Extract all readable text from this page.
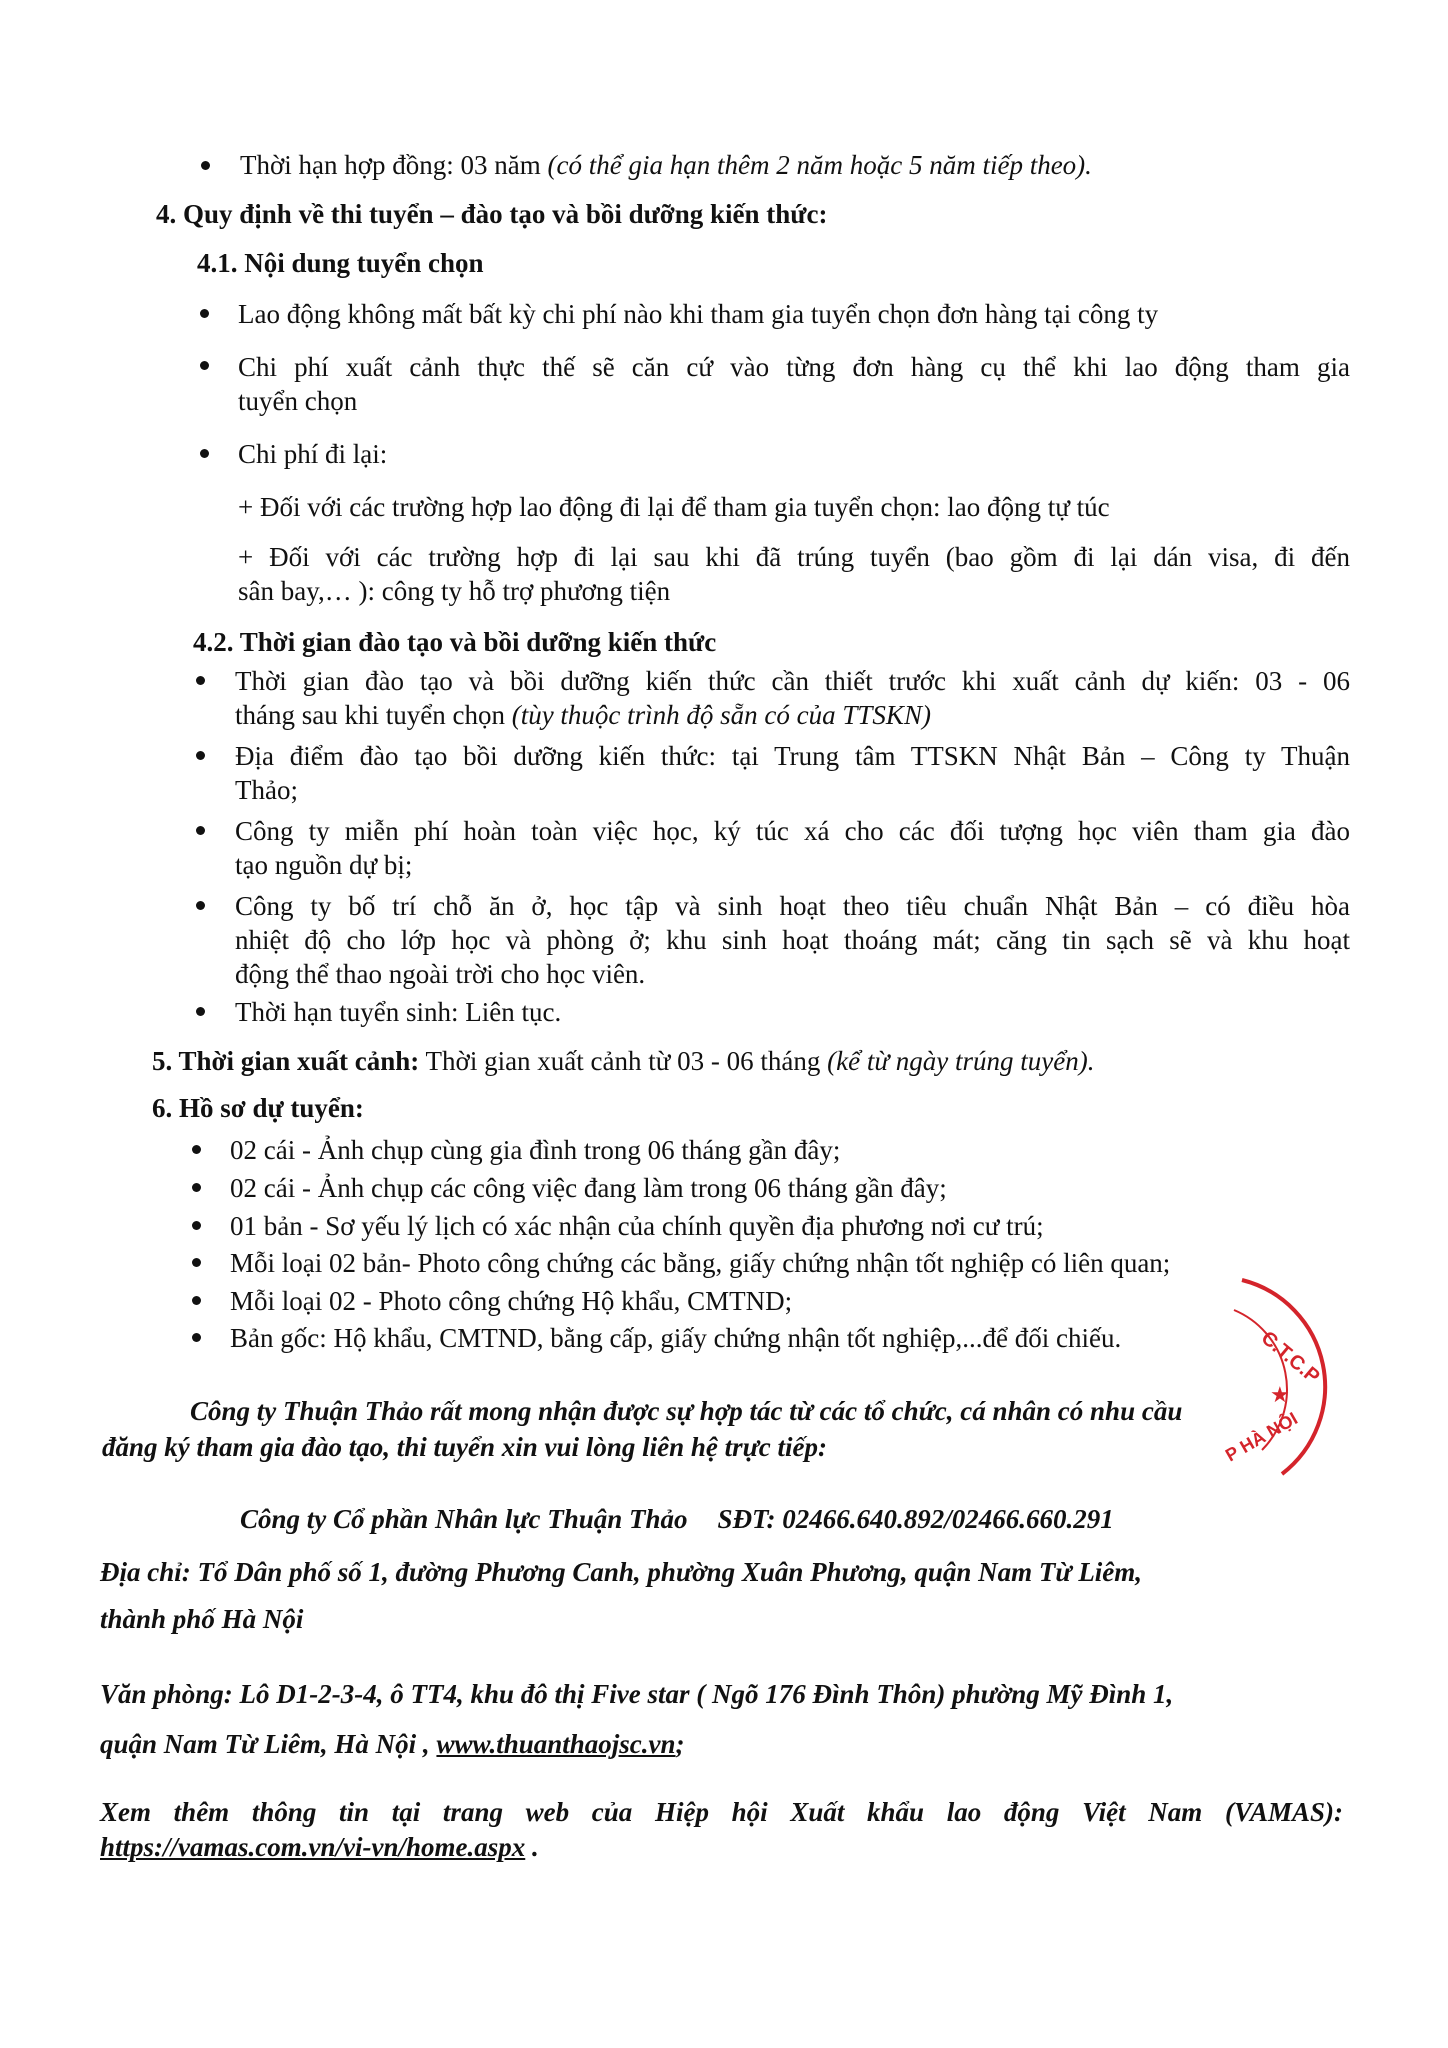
Thời hạn hợp đồng: 03 năm (có thể gia hạn thêm 2 năm hoặc 5 năm tiếp theo).
4. Quy định về thi tuyển – đào tạo và bồi dưỡng kiến thức:
4.1. Nội dung tuyển chọn
Lao động không mất bất kỳ chi phí nào khi tham gia tuyển chọn đơn hàng tại công ty
Chi phí xuất cảnh thực thế sẽ căn cứ vào từng đơn hàng cụ thể khi lao động tham gia
tuyển chọn
Chi phí đi lại:
+ Đối với các trường hợp lao động đi lại để tham gia tuyển chọn: lao động tự túc
+ Đối với các trường hợp đi lại sau khi đã trúng tuyển (bao gồm đi lại dán visa, đi đến
sân bay,… ): công ty hỗ trợ phương tiện
4.2. Thời gian đào tạo và bồi dưỡng kiến thức
Thời gian đào tạo và bồi dưỡng kiến thức cần thiết trước khi xuất cảnh dự kiến: 03 - 06
tháng sau khi tuyển chọn (tùy thuộc trình độ sẵn có của TTSKN)
Địa điểm đào tạo bồi dưỡng kiến thức: tại Trung tâm TTSKN Nhật Bản – Công ty Thuận
Thảo;
Công ty miễn phí hoàn toàn việc học, ký túc xá cho các đối tượng học viên tham gia đào
tạo nguồn dự bị;
Công ty bố trí chỗ ăn ở, học tập và sinh hoạt theo tiêu chuẩn Nhật Bản – có điều hòa
nhiệt độ cho lớp học và phòng ở; khu sinh hoạt thoáng mát; căng tin sạch sẽ và khu hoạt
động thể thao ngoài trời cho học viên.
Thời hạn tuyển sinh: Liên tục.
5. Thời gian xuất cảnh: Thời gian xuất cảnh từ 03 - 06 tháng (kể từ ngày trúng tuyển).
6. Hồ sơ dự tuyển:
02 cái - Ảnh chụp cùng gia đình trong 06 tháng gần đây;
02 cái - Ảnh chụp các công việc đang làm trong 06 tháng gần đây;
01 bản - Sơ yếu lý lịch có xác nhận của chính quyền địa phương nơi cư trú;
Mỗi loại 02 bản- Photo công chứng các bằng, giấy chứng nhận tốt nghiệp có liên quan;
Mỗi loại 02 - Photo công chứng Hộ khẩu, CMTND;
Bản gốc: Hộ khẩu, CMTND, bằng cấp, giấy chứng nhận tốt nghiệp,...để đối chiếu.
Công ty Thuận Thảo rất mong nhận được sự hợp tác từ các tổ chức, cá nhân có nhu cầu
đăng ký tham gia đào tạo, thi tuyển xin vui lòng liên hệ trực tiếp:
Công ty Cổ phần Nhân lực Thuận Thảo SĐT: 02466.640.892/02466.660.291
Địa chỉ: Tổ Dân phố số 1, đường Phương Canh, phường Xuân Phương, quận Nam Từ Liêm,
thành phố Hà Nội
Văn phòng: Lô D1-2-3-4, ô TT4, khu đô thị Five star ( Ngõ 176 Đình Thôn) phường Mỹ Đình 1,
quận Nam Từ Liêm, Hà Nội , www.thuanthaojsc.vn;
Xem thêm thông tin tại trang web của Hiệp hội Xuất khẩu lao động Việt Nam (VAMAS):
https://vamas.com.vn/vi-vn/home.aspx .
C.T.C.P
★
P HÀ NỘI
